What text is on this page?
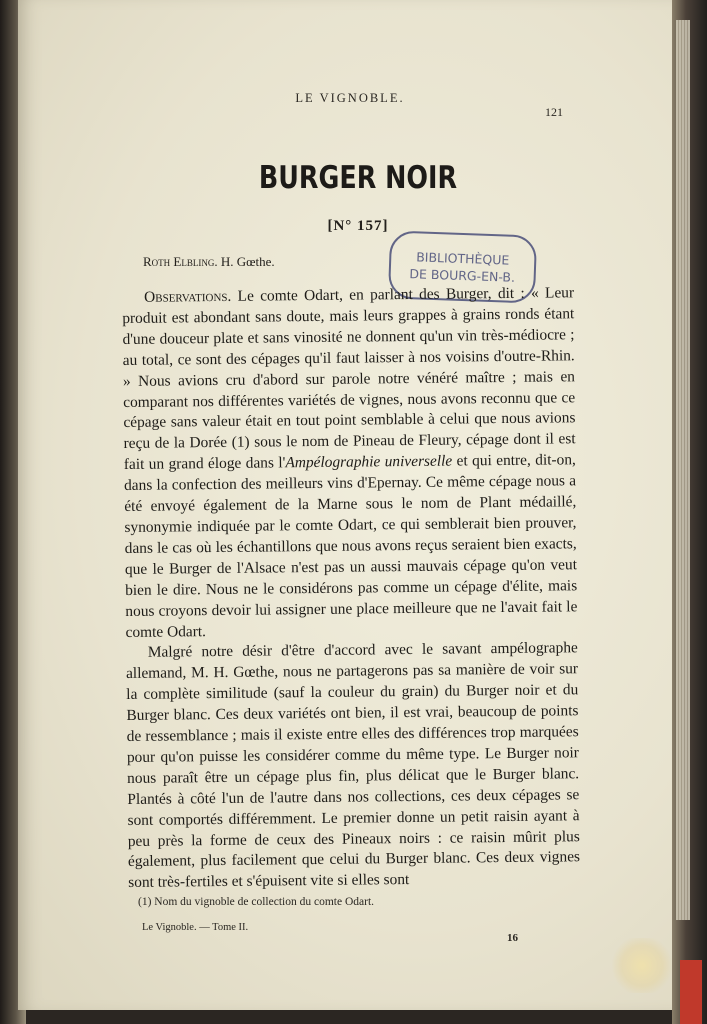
LE VIGNOBLE.
121
BURGER NOIR
[N° 157]
Roth Elbling. H. Gœthe.	BIBLIOTHÈQUE
DE BOURG-EN-B.

Observations. Le comte Odart, en parlant des Burger, dit : « Leur produit est abondant sans doute, mais leurs grappes à grains ronds étant d'une douceur plate et sans vinosité ne donnent qu'un vin très-médiocre ; au total, ce sont des cépages qu'il faut laisser à nos voisins d'outre-Rhin. » Nous avions cru d'abord sur parole notre vénéré maître ; mais en comparant nos différentes variétés de vignes, nous avons reconnu que ce cépage sans valeur était en tout point semblable à celui que nous avions reçu de la Dorée (1) sous le nom de Pineau de Fleury, cépage dont il est fait un grand éloge dans l'Ampélographie universelle et qui entre, dit-on, dans la confection des meilleurs vins d'Epernay. Ce même cépage nous a été envoyé également de la Marne sous le nom de Plant médaillé, synonymie indiquée par le comte Odart, ce qui semblerait bien prouver, dans le cas où les échantillons que nous avons reçus seraient bien exacts, que le Burger de l'Alsace n'est pas un aussi mauvais cépage qu'on veut bien le dire. Nous ne le considérons pas comme un cépage d'élite, mais nous croyons devoir lui assigner une place meilleure que ne l'avait fait le comte Odart.

Malgré notre désir d'être d'accord avec le savant ampélographe allemand, M. H. Gœthe, nous ne partagerons pas sa manière de voir sur la complète similitude (sauf la couleur du grain) du Burger noir et du Burger blanc. Ces deux variétés ont bien, il est vrai, beaucoup de points de ressemblance ; mais il existe entre elles des différences trop marquées pour qu'on puisse les considérer comme du même type. Le Burger noir nous paraît être un cépage plus fin, plus délicat que le Burger blanc. Plantés à côté l'un de l'autre dans nos collections, ces deux cépages se sont comportés différemment. Le premier donne un petit raisin ayant à peu près la forme de ceux des Pineaux noirs : ce raisin mûrit plus également, plus facilement que celui du Burger blanc. Ces deux vignes sont très-fertiles et s'épuisent vite si elles sont

(1) Nom du vignoble de collection du comte Odart.
Le Vignoble. — Tome II.
16
